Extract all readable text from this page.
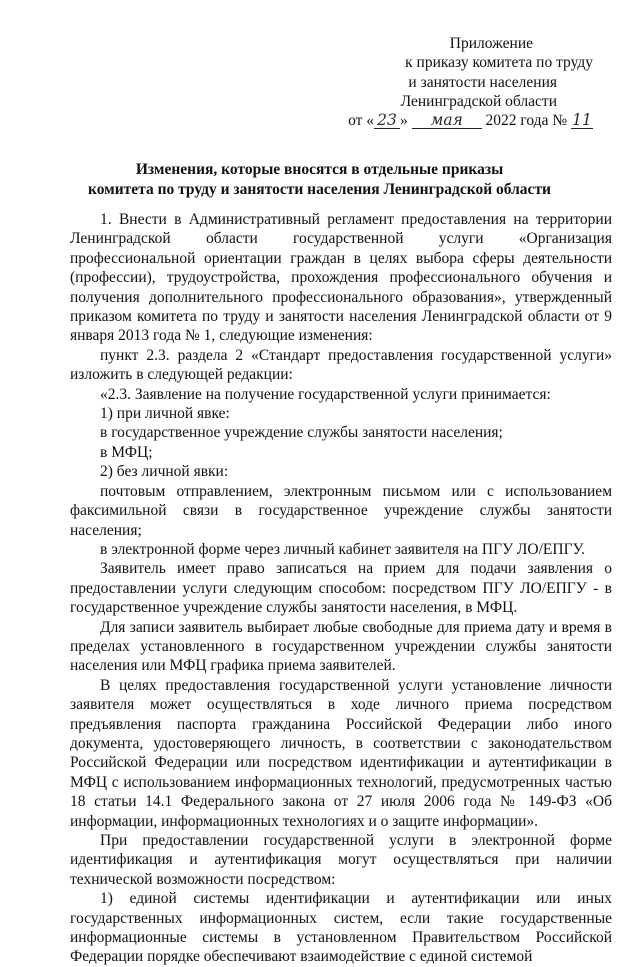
Приложение
к приказу комитета по труду
и занятости населения
Ленинградской области
от « 23 » мая 2022 года № 11
Изменения, которые вносятся в отдельные приказы
комитета по труду и занятости населения Ленинградской области

1. Внести в Административный регламент предоставления на территории Ленинградской области государственной услуги «Организация профессиональной ориентации граждан в целях выбора сферы деятельности (профессии), трудоустройства, прохождения профессионального обучения и получения дополнительного профессионального образования», утвержденный приказом комитета по труду и занятости населения Ленинградской области от 9 января 2013 года № 1, следующие изменения:

пункт 2.3. раздела 2 «Стандарт предоставления государственной услуги» изложить в следующей редакции:

«2.3. Заявление на получение государственной услуги принимается:

1) при личной явке:

в государственное учреждение службы занятости населения;

в МФЦ;

2) без личной явки:

почтовым отправлением, электронным письмом или с использованием факсимильной связи в государственное учреждение службы занятости населения;

в электронной форме через личный кабинет заявителя на ПГУ ЛО/ЕПГУ.

Заявитель имеет право записаться на прием для подачи заявления о предоставлении услуги следующим способом: посредством ПГУ ЛО/ЕПГУ - в государственное учреждение службы занятости населения, в МФЦ.

Для записи заявитель выбирает любые свободные для приема дату и время в пределах установленного в государственном учреждении службы занятости населения или МФЦ графика приема заявителей.

В целях предоставления государственной услуги установление личности заявителя может осуществляться в ходе личного приема посредством предъявления паспорта гражданина Российской Федерации либо иного документа, удостоверяющего личность, в соответствии с законодательством Российской Федерации или посредством идентификации и аутентификации в МФЦ с использованием информационных технологий, предусмотренных частью 18 статьи 14.1 Федерального закона от 27 июля 2006 года № 149-ФЗ «Об информации, информационных технологиях и о защите информации».

При предоставлении государственной услуги в электронной форме идентификация и аутентификация могут осуществляться при наличии технической возможности посредством:

1) единой системы идентификации и аутентификации или иных государственных информационных систем, если такие государственные информационные системы в установленном Правительством Российской Федерации порядке обеспечивают взаимодействие с единой системой
